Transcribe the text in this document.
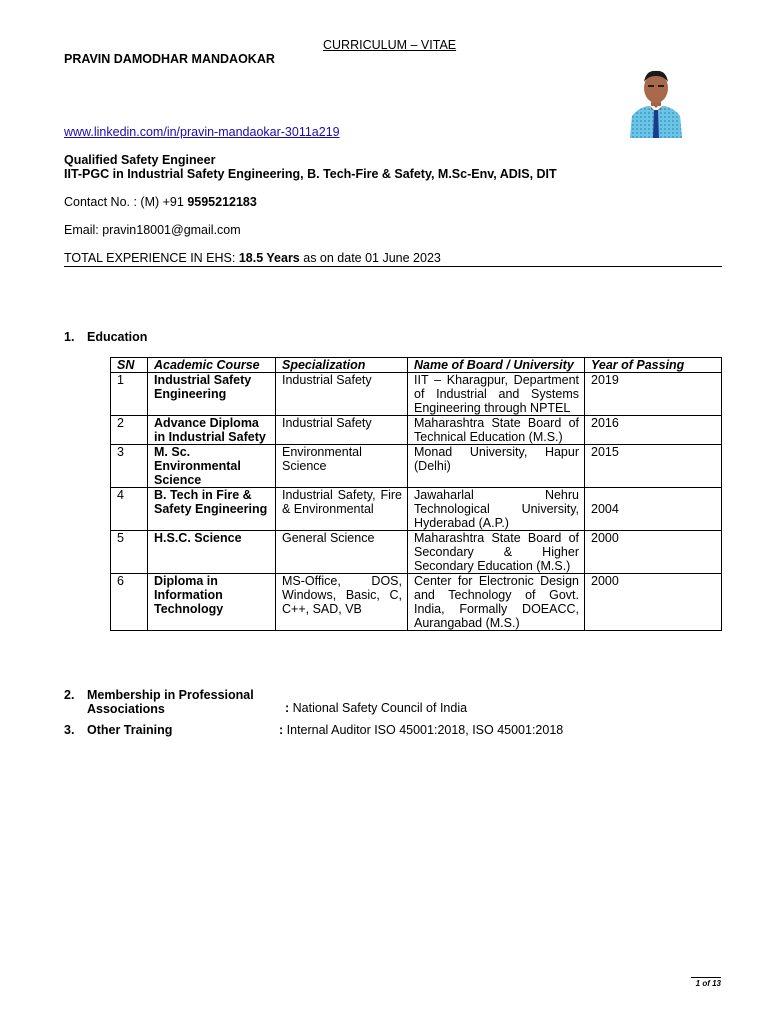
CURRICULUM – VITAE
PRAVIN DAMODHAR MANDAOKAR
www.linkedin.com/in/pravin-mandaokar-3011a219
Qualified Safety Engineer
IIT-PGC in Industrial Safety Engineering, B. Tech-Fire & Safety, M.Sc-Env, ADIS, DIT
Contact No. : (M) +91 9595212183
Email: pravin18001@gmail.com
TOTAL EXPERIENCE IN EHS: 18.5 Years as on date 01 June 2023
1. Education
SN	Academic Course	Specialization	Name of Board / University	Year of Passing
1	Industrial Safety Engineering	Industrial Safety	IIT – Kharagpur, Department of Industrial and Systems Engineering through NPTEL	2019
2	Advance Diploma in Industrial Safety	Industrial Safety	Maharashtra State Board of Technical Education (M.S.)	2016
3	M. Sc. Environmental Science	Environmental Science	Monad University, Hapur (Delhi)	2015
4	B. Tech in Fire & Safety Engineering	Industrial Safety, Fire & Environmental	Jawaharlal Nehru Technological University, Hyderabad (A.P.)	2004
5	H.S.C. Science	General Science	Maharashtra State Board of Secondary & Higher Secondary Education (M.S.)	2000
6	Diploma in Information Technology	MS-Office, DOS, Windows, Basic, C, C++, SAD, VB	Center for Electronic Design and Technology of Govt. India, Formally DOEACC, Aurangabad (M.S.)	2000
2. Membership in Professional
Associations	: National Safety Council of India
3. Other Training	: Internal Auditor ISO 45001:2018, ISO 45001:2018
1 of 13
